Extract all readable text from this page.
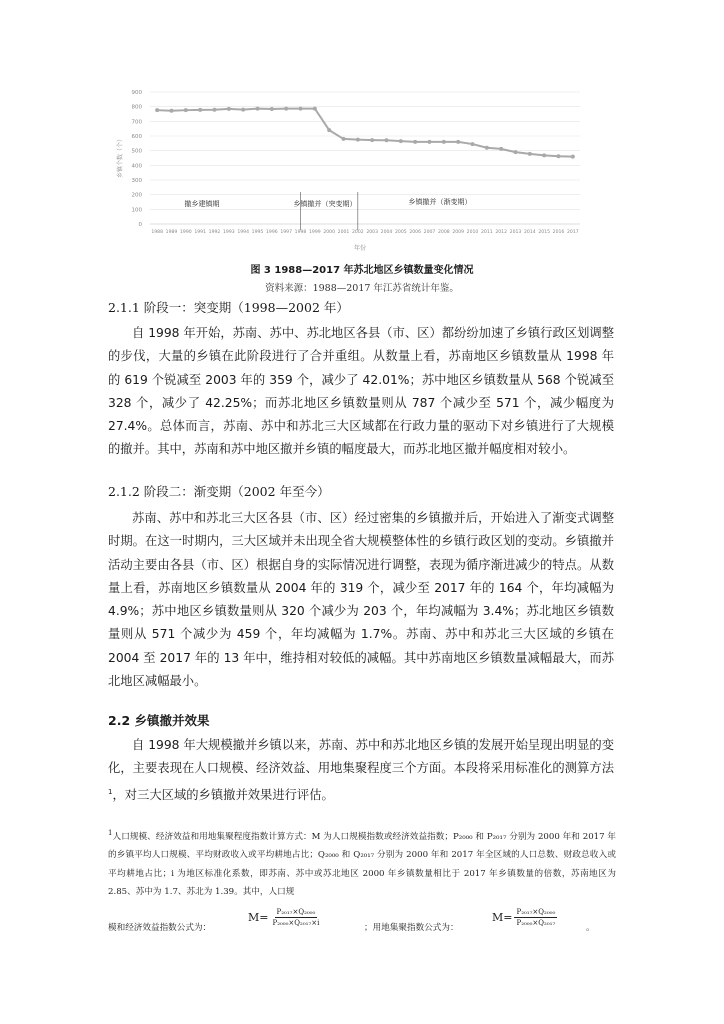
0
100
200
300
400
500
600
700
800
900
1988 1989 1990 1991 1992 1993 1994 1995 1996 1997 1998 1999 2000 2001 2002 2003 2004 2005 2006 2007 2008 2009 2010 2011 2012 2013 2014 2015 2016 2017
乡镇个数（个）
年份
撤乡建镇期	乡镇撤并（突变期）	乡镇撤并（渐变期）
图 3 1988—2017 年苏北地区乡镇数量变化情况
资料来源：1988—2017 年江苏省统计年鉴。
2.1.1 阶段一：突变期（1998—2002 年）

自 1998 年开始，苏南、苏中、苏北地区各县（市、区）都纷纷加速了乡镇行政区划调整的步伐，大量的乡镇在此阶段进行了合并重组。从数量上看，苏南地区乡镇数量从 1998 年的 619 个锐减至 2003 年的 359 个，减少了 42.01%；苏中地区乡镇数量从 568 个锐减至 328 个，减少了 42.25%；而苏北地区乡镇数量则从 787 个减少至 571 个，减少幅度为 27.4%。总体而言，苏南、苏中和苏北三大区域都在行政力量的驱动下对乡镇进行了大规模的撤并。其中，苏南和苏中地区撤并乡镇的幅度最大，而苏北地区撤并幅度相对较小。

2.1.2 阶段二：渐变期（2002 年至今）

苏南、苏中和苏北三大区各县（市、区）经过密集的乡镇撤并后，开始进入了渐变式调整时期。在这一时期内，三大区域并未出现全省大规模整体性的乡镇行政区划的变动。乡镇撤并活动主要由各县（市、区）根据自身的实际情况进行调整，表现为循序渐进减少的特点。从数量上看，苏南地区乡镇数量从 2004 年的 319 个，减少至 2017 年的 164 个，年均减幅为 4.9%；苏中地区乡镇数量则从 320 个减少为 203 个，年均减幅为 3.4%；苏北地区乡镇数量则从 571 个减少为 459 个，年均减幅为 1.7%。苏南、苏中和苏北三大区域的乡镇在 2004 至 2017 年的 13 年中，维持相对较低的减幅。其中苏南地区乡镇数量减幅最大，而苏北地区减幅最小。

2.2 乡镇撤并效果

自 1998 年大规模撤并乡镇以来，苏南、苏中和苏北地区乡镇的发展开始呈现出明显的变化，主要表现在人口规模、经济效益、用地集聚程度三个方面。本段将采用标准化的测算方法$^1$，对三大区域的乡镇撤并效果进行评估。

$^1$人口规模、经济效益和用地集聚程度指数计算方式：M 为人口规模指数或经济效益指数；P₂₀₀₀ 和 P₂₀₁₇ 分别为 2000 年和 2017 年的乡镇平均人口规模、平均财政收入或平均耕地占比；Q₂₀₀₀ 和 Q₂₀₁₇ 分别为 2000 年和 2017 年全区域的人口总数、财政总收入或平均耕地占比；i 为地区标准化系数，即苏南、苏中或苏北地区 2000 年乡镇数量相比于 2017 年乡镇数量的倍数，苏南地区为 2.85、苏中为 1.7、苏北为 1.39。其中，人口规

模和经济效益指数公式为：
$M= \frac{\text{P₂₀₁₇×Q₂₀₀₀}}{\text{P₂₀₀₀×Q₂₀₁₇×i}}$	；用地集聚指数公式为：
$M= \frac{\text{P₂₀₁₇×Q₂₀₀₀}}{\text{P₂₀₀₀×Q₂₀₁₇}}$	。
